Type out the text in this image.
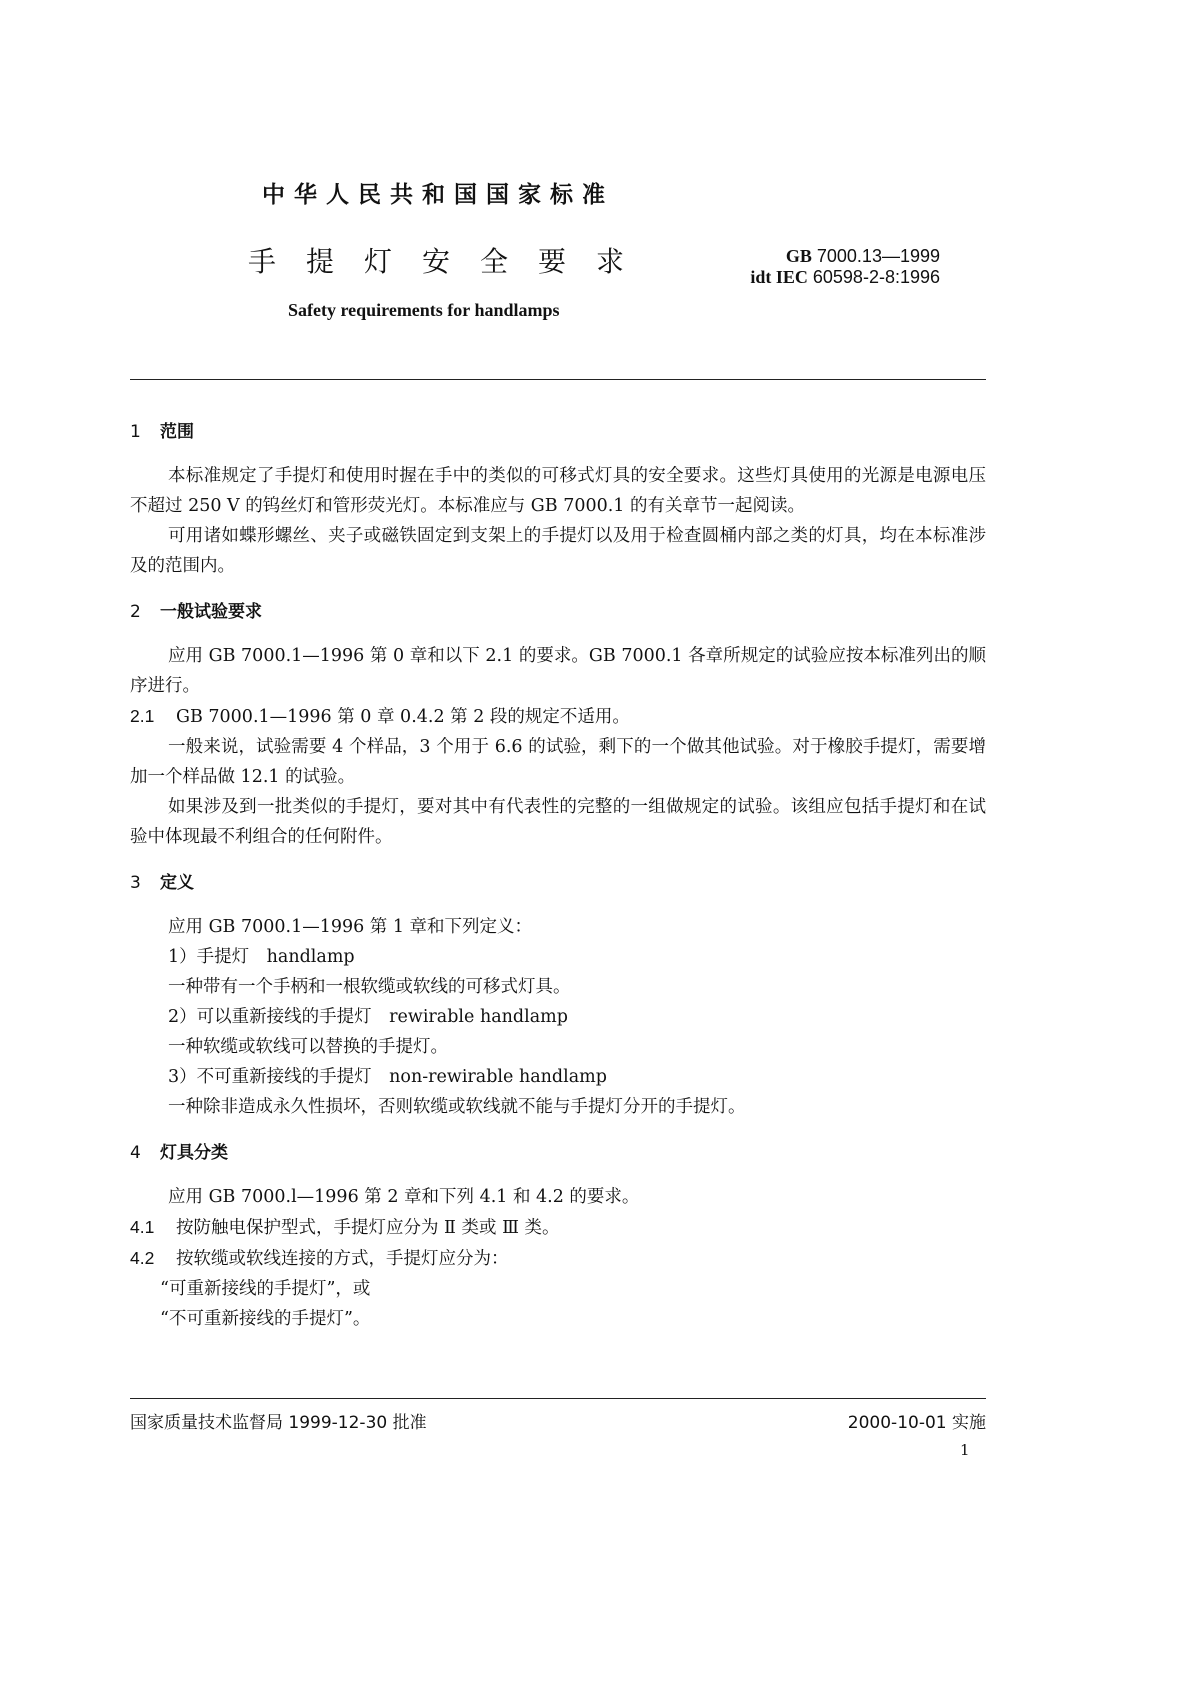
中华人民共和国国家标准
手提灯安全要求	GB 7000.13—1999
idt IEC 60598-2-8:1996
Safety requirements for handlamps
1 范围

本标准规定了手提灯和使用时握在手中的类似的可移式灯具的安全要求。这些灯具使用的光源是电源电压不超过 250 V 的钨丝灯和管形荧光灯。本标准应与 GB 7000.1 的有关章节一起阅读。

可用诸如蝶形螺丝、夹子或磁铁固定到支架上的手提灯以及用于检查圆桶内部之类的灯具，均在本标准涉及的范围内。

2 一般试验要求

应用 GB 7000.1—1996 第 0 章和以下 2.1 的要求。GB 7000.1 各章所规定的试验应按本标准列出的顺序进行。

2.1 GB 7000.1—1996 第 0 章 0.4.2 第 2 段的规定不适用。

一般来说，试验需要 4 个样品，3 个用于 6.6 的试验，剩下的一个做其他试验。对于橡胶手提灯，需要增加一个样品做 12.1 的试验。

如果涉及到一批类似的手提灯，要对其中有代表性的完整的一组做规定的试验。该组应包括手提灯和在试验中体现最不利组合的任何附件。

3 定义

应用 GB 7000.1—1996 第 1 章和下列定义：

1）手提灯　handlamp

一种带有一个手柄和一根软缆或软线的可移式灯具。

2）可以重新接线的手提灯　rewirable handlamp

一种软缆或软线可以替换的手提灯。

3）不可重新接线的手提灯　non-rewirable handlamp

一种除非造成永久性损坏，否则软缆或软线就不能与手提灯分开的手提灯。

4 灯具分类

应用 GB 7000.l—1996 第 2 章和下列 4.1 和 4.2 的要求。

4.1 按防触电保护型式，手提灯应分为 Ⅱ 类或 Ⅲ 类。

4.2 按软缆或软线连接的方式，手提灯应分为：

“可重新接线的手提灯”，或

“不可重新接线的手提灯”。

国家质量技术监督局 1999-12-30 批准	2000-10-01 实施
1
